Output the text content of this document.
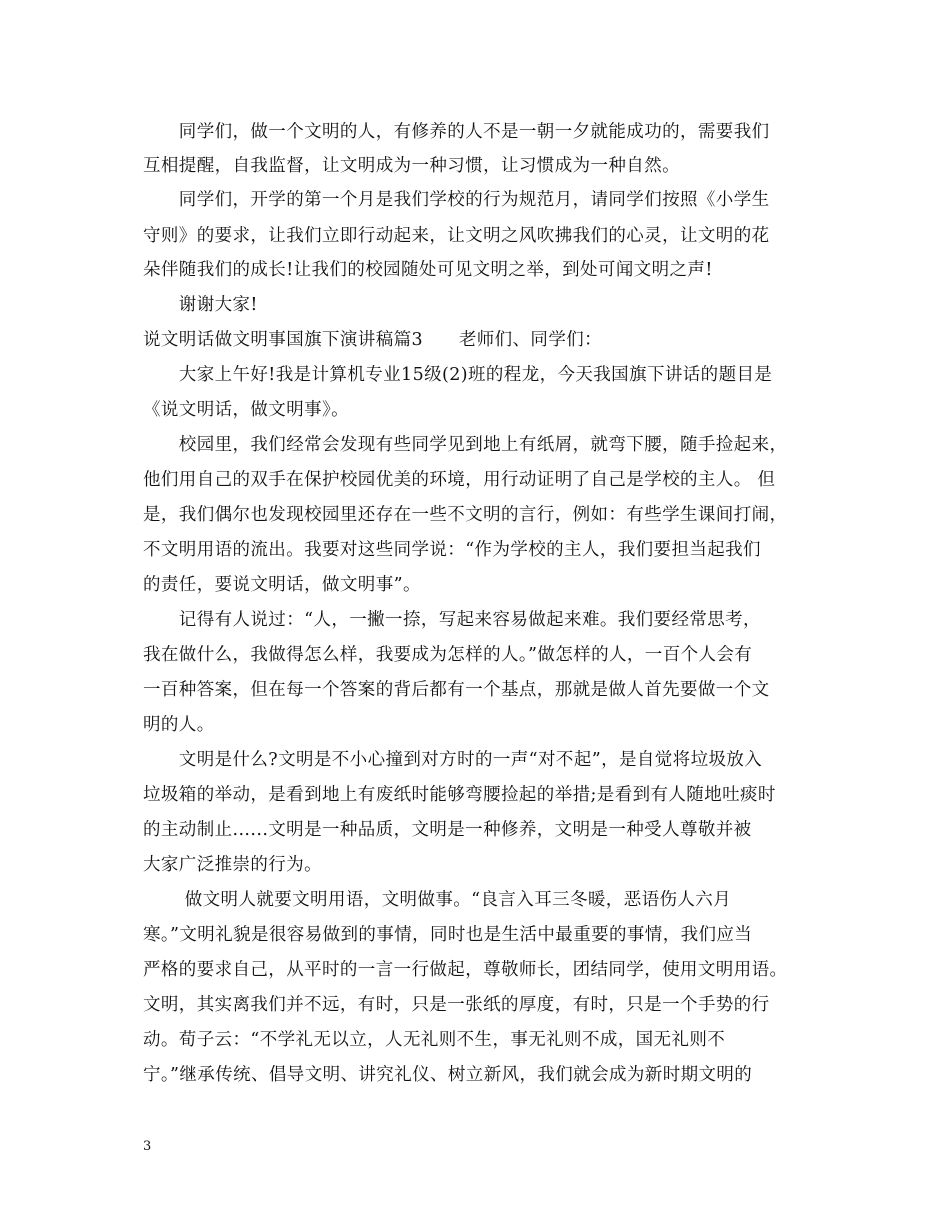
　　同学们，做一个文明的人，有修养的人不是一朝一夕就能成功的，需要我们
互相提醒，自我监督，让文明成为一种习惯，让习惯成为一种自然。
　　同学们，开学的第一个月是我们学校的行为规范月，请同学们按照《小学生
守则》的要求，让我们立即行动起来，让文明之风吹拂我们的心灵，让文明的花
朵伴随我们的成长!让我们的校园随处可见文明之举，到处可闻文明之声!
　　谢谢大家!
说文明话做文明事国旗下演讲稿篇3　　老师们、同学们：
　　大家上午好!我是计算机专业15级(2)班的程龙，今天我国旗下讲话的题目是
《说文明话，做文明事》。
　　校园里，我们经常会发现有些同学见到地上有纸屑，就弯下腰，随手捡起来，
他们用自己的双手在保护校园优美的环境，用行动证明了自己是学校的主人。 但
是，我们偶尔也发现校园里还存在一些不文明的言行，例如：有些学生课间打闹，
不文明用语的流出。我要对这些同学说：“作为学校的主人，我们要担当起我们
的责任，要说文明话，做文明事”。
　　记得有人说过：“人，一撇一捺，写起来容易做起来难。我们要经常思考，
我在做什么，我做得怎么样，我要成为怎样的人。”做怎样的人，一百个人会有
一百种答案，但在每一个答案的背后都有一个基点，那就是做人首先要做一个文
明的人。
　　文明是什么?文明是不小心撞到对方时的一声“对不起”，是自觉将垃圾放入
垃圾箱的举动，是看到地上有废纸时能够弯腰捡起的举措;是看到有人随地吐痰时
的主动制止......文明是一种品质，文明是一种修养，文明是一种受人尊敬并被
大家广泛推崇的行为。
　　 做文明人就要文明用语，文明做事。“良言入耳三冬暖，恶语伤人六月
寒。”文明礼貌是很容易做到的事情，同时也是生活中最重要的事情，我们应当
严格的要求自己，从平时的一言一行做起，尊敬师长，团结同学，使用文明用语。
文明，其实离我们并不远，有时，只是一张纸的厚度，有时，只是一个手势的行
动。荀子云：“不学礼无以立，人无礼则不生，事无礼则不成，国无礼则不
宁。”继承传统、倡导文明、讲究礼仪、树立新风，我们就会成为新时期文明的
3
